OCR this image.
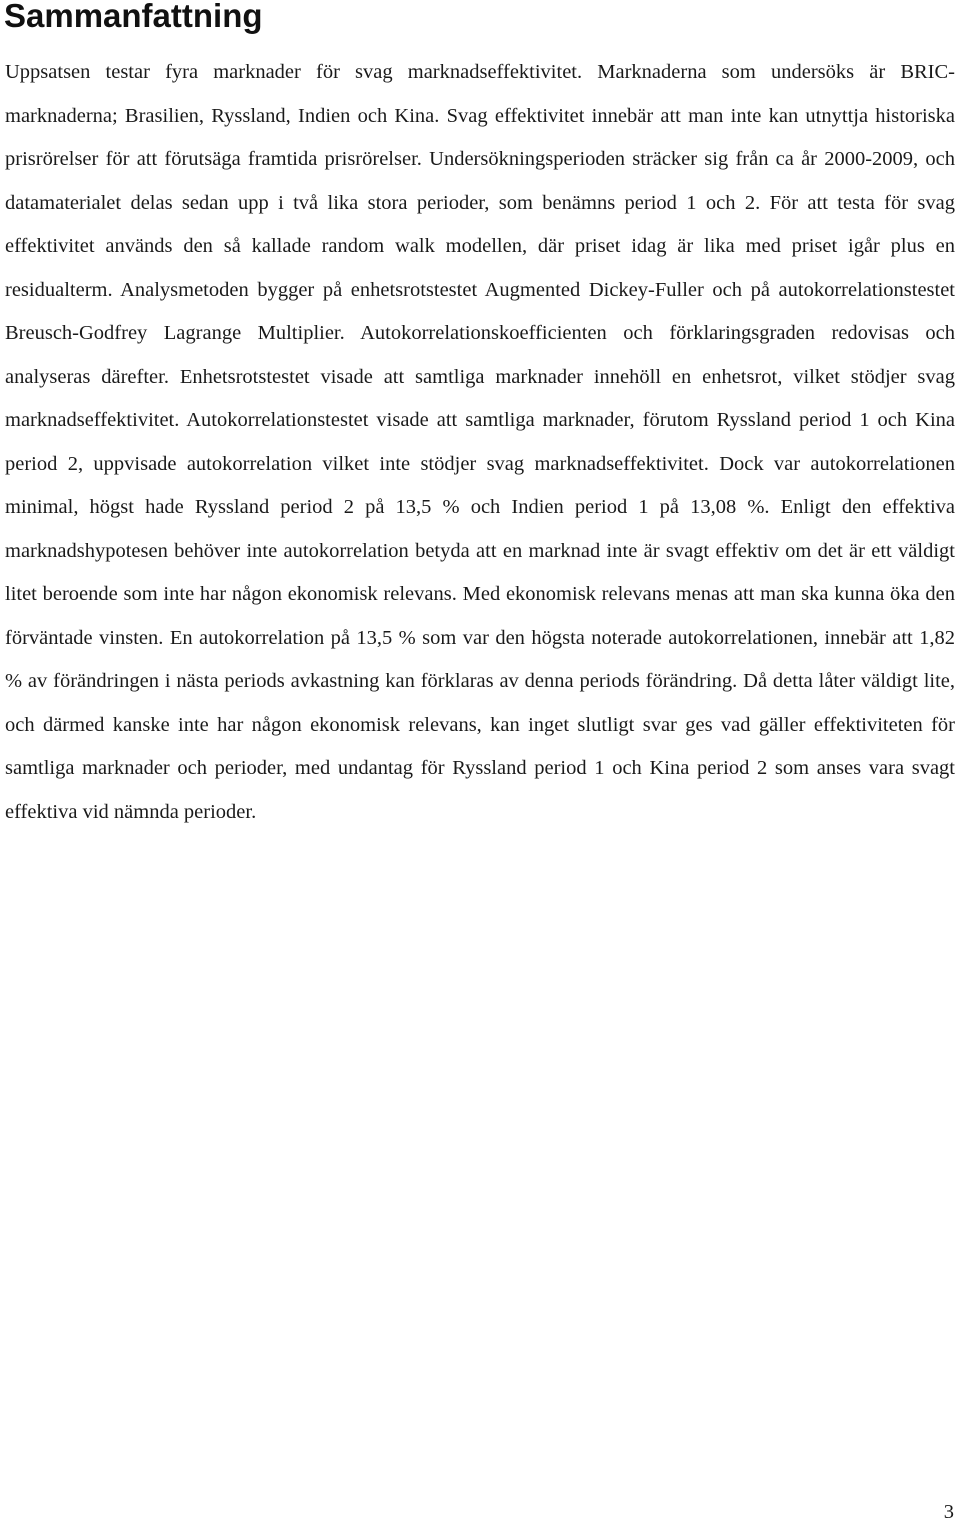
Sammanfattning

Uppsatsen testar fyra marknader för svag marknadseffektivitet. Marknaderna som undersöks är BRIC-marknaderna; Brasilien, Ryssland, Indien och Kina. Svag effektivitet innebär att man inte kan utnyttja historiska prisrörelser för att förutsäga framtida prisrörelser. Undersökningsperioden sträcker sig från ca år 2000-2009, och datamaterialet delas sedan upp i två lika stora perioder, som benämns period 1 och 2. För att testa för svag effektivitet används den så kallade random walk modellen, där priset idag är lika med priset igår plus en residualterm. Analysmetoden bygger på enhetsrotstestet Augmented Dickey-Fuller och på autokorrelationstestet Breusch-Godfrey Lagrange Multiplier. Autokorrelationskoefficienten och förklaringsgraden redovisas och analyseras därefter. Enhetsrotstestet visade att samtliga marknader innehöll en enhetsrot, vilket stödjer svag marknadseffektivitet. Autokorrelationstestet visade att samtliga marknader, förutom Ryssland period 1 och Kina period 2, uppvisade autokorrelation vilket inte stödjer svag marknadseffektivitet. Dock var autokorrelationen minimal, högst hade Ryssland period 2 på 13,5 % och Indien period 1 på 13,08 %. Enligt den effektiva marknadshypotesen behöver inte autokorrelation betyda att en marknad inte är svagt effektiv om det är ett väldigt litet beroende som inte har någon ekonomisk relevans. Med ekonomisk relevans menas att man ska kunna öka den förväntade vinsten. En autokorrelation på 13,5 % som var den högsta noterade autokorrelationen, innebär att 1,82 % av förändringen i nästa periods avkastning kan förklaras av denna periods förändring. Då detta låter väldigt lite, och därmed kanske inte har någon ekonomisk relevans, kan inget slutligt svar ges vad gäller effektiviteten för samtliga marknader och perioder, med undantag för Ryssland period 1 och Kina period 2 som anses vara svagt effektiva vid nämnda perioder.

3
